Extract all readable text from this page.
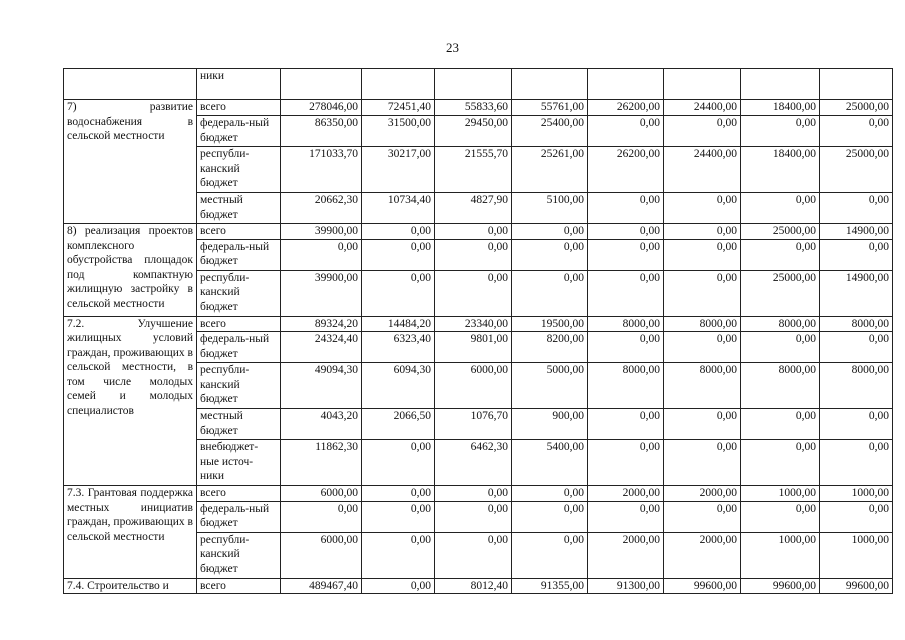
23
	ники								
7) развитие водоснабжения в сельской местности	всего	278046,00	72451,40	55833,60	55761,00	26200,00	24400,00	18400,00	25000,00
	федераль-ный бюджет	86350,00	31500,00	29450,00	25400,00	0,00	0,00	0,00	0,00
	республи-канский бюджет	171033,70	30217,00	21555,70	25261,00	26200,00	24400,00	18400,00	25000,00
	местный бюджет	20662,30	10734,40	4827,90	5100,00	0,00	0,00	0,00	0,00
8) реализация проектов комплексного обустройства площадок под компактную жилищную застройку в сельской местности	всего	39900,00	0,00	0,00	0,00	0,00	0,00	25000,00	14900,00
	федераль-ный бюджет	0,00	0,00	0,00	0,00	0,00	0,00	0,00	0,00
	республи-канский бюджет	39900,00	0,00	0,00	0,00	0,00	0,00	25000,00	14900,00
7.2. Улучшение жилищных условий граждан, проживающих в сельской местности, в том числе молодых семей и молодых специалистов	всего	89324,20	14484,20	23340,00	19500,00	8000,00	8000,00	8000,00	8000,00
	федераль-ный бюджет	24324,40	6323,40	9801,00	8200,00	0,00	0,00	0,00	0,00
	республи-канский бюджет	49094,30	6094,30	6000,00	5000,00	8000,00	8000,00	8000,00	8000,00
	местный бюджет	4043,20	2066,50	1076,70	900,00	0,00	0,00	0,00	0,00
	внебюджет-ные источ-ники	11862,30	0,00	6462,30	5400,00	0,00	0,00	0,00	0,00
7.3. Грантовая поддержка местных инициатив граждан, проживающих в сельской местности	всего	6000,00	0,00	0,00	0,00	2000,00	2000,00	1000,00	1000,00
	федераль-ный бюджет	0,00	0,00	0,00	0,00	0,00	0,00	0,00	0,00
	республи-канский бюджет	6000,00	0,00	0,00	0,00	2000,00	2000,00	1000,00	1000,00
7.4. Строительство и	всего	489467,40	0,00	8012,40	91355,00	91300,00	99600,00	99600,00	99600,00
